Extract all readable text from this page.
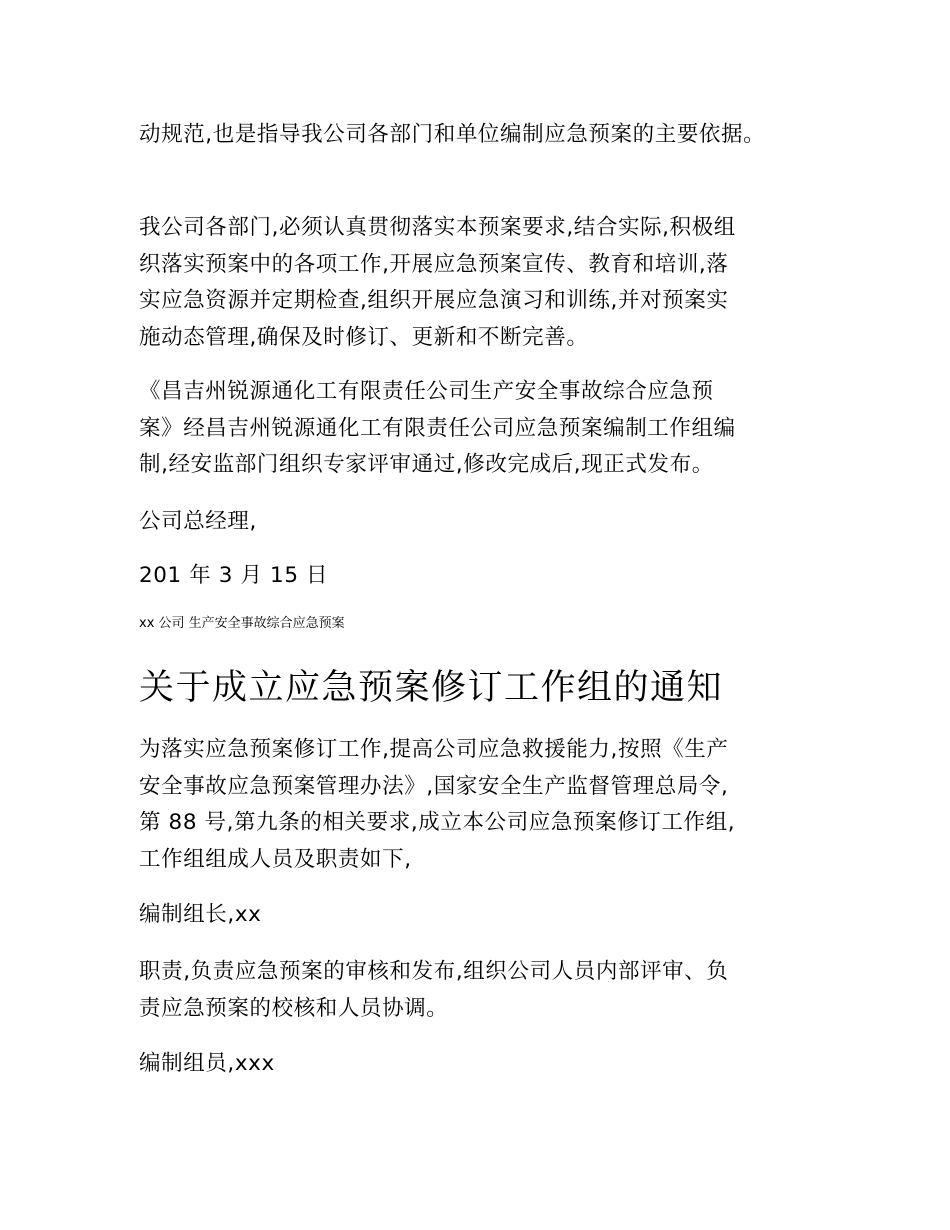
动规范,也是指导我公司各部门和单位编制应急预案的主要依据。
我公司各部门,必须认真贯彻落实本预案要求,结合实际,积极组
织落实预案中的各项工作,开展应急预案宣传、教育和培训,落
实应急资源并定期检查,组织开展应急演习和训练,并对预案实
施动态管理,确保及时修订、更新和不断完善。
《昌吉州锐源通化工有限责任公司生产安全事故综合应急预
案》经昌吉州锐源通化工有限责任公司应急预案编制工作组编
制,经安监部门组织专家评审通过,修改完成后,现正式发布。
公司总经理,
201 年 3 月 15 日
xx 公司 生产安全事故综合应急预案
关于成立应急预案修订工作组的通知
为落实应急预案修订工作,提高公司应急救援能力,按照《生产
安全事故应急预案管理办法》,国家安全生产监督管理总局令,
第 88 号,第九条的相关要求,成立本公司应急预案修订工作组,
工作组组成人员及职责如下,
编制组长,xx
职责,负责应急预案的审核和发布,组织公司人员内部评审、负
责应急预案的校核和人员协调。
编制组员,xxx
